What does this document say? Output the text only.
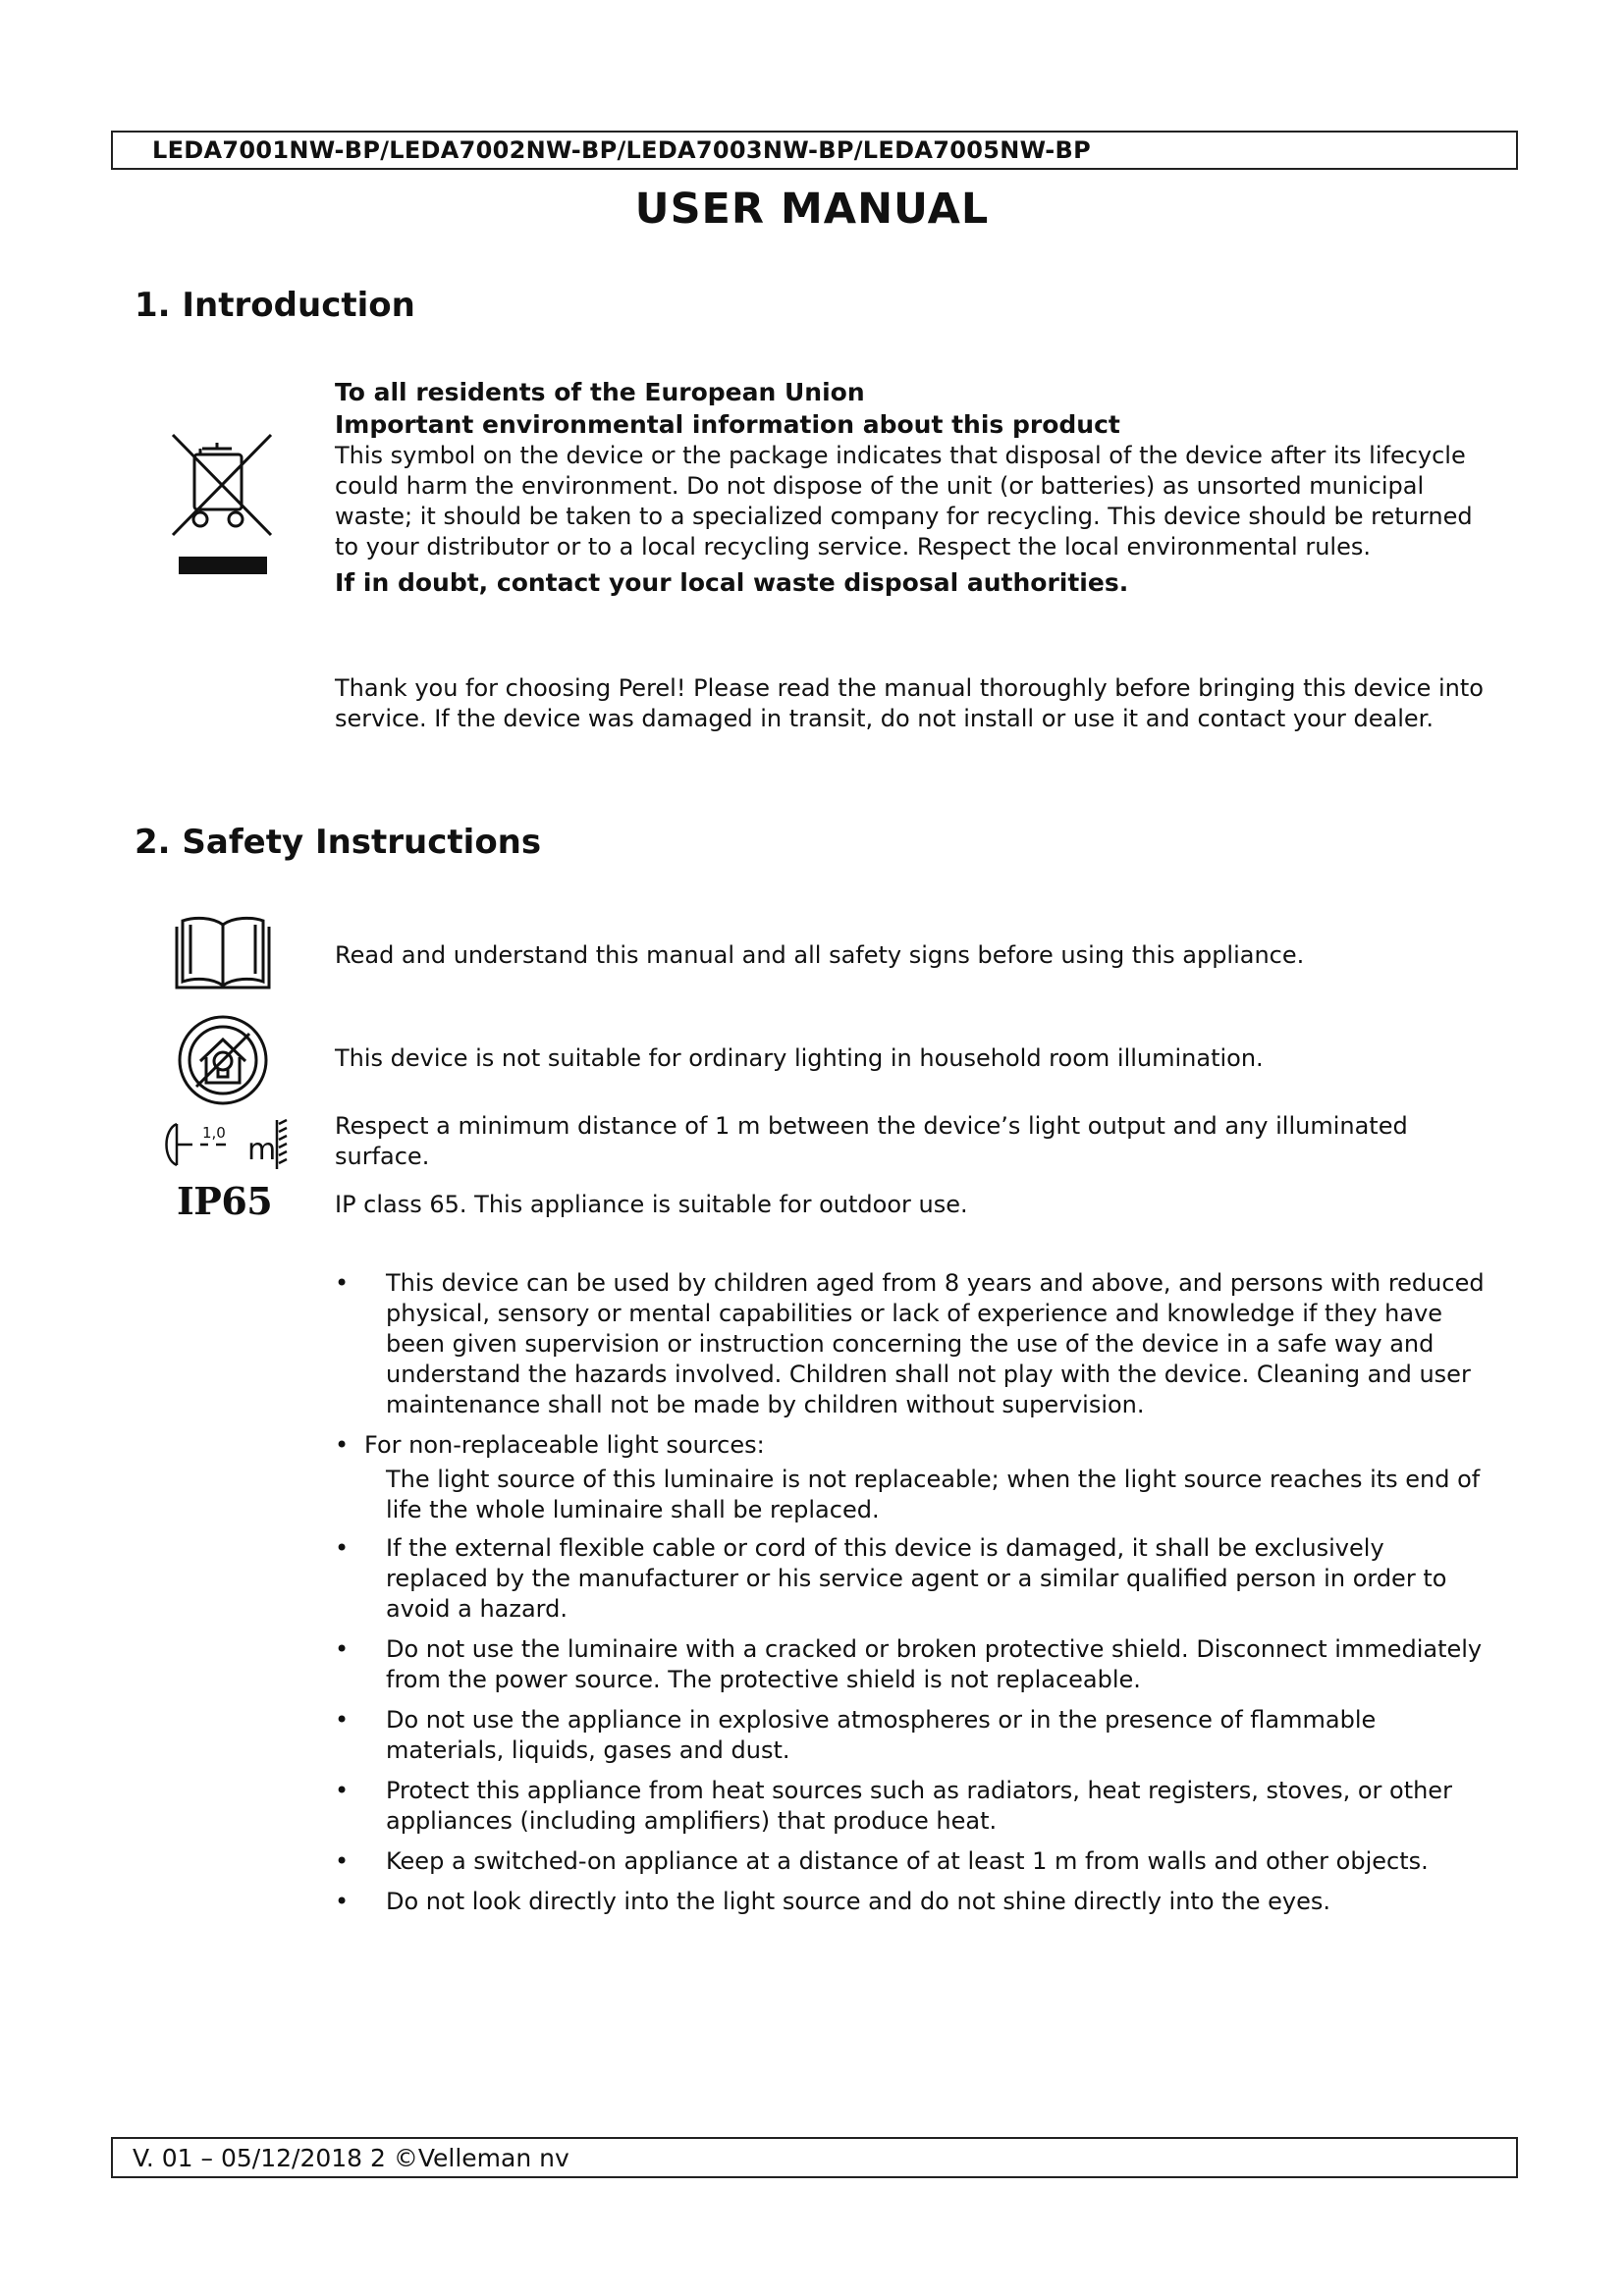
LEDA7001NW-BP/LEDA7002NW-BP/LEDA7003NW-BP/LEDA7005NW-BP
USER MANUAL
1. Introduction

To all residents of the European Union

Important environmental information about this product

This symbol on the device or the package indicates that disposal of the device after its lifecycle could harm the environment. Do not dispose of the unit (or batteries) as unsorted municipal waste; it should be taken to a specialized company for recycling. This device should be returned to your distributor or to a local recycling service. Respect the local environmental rules.

If in doubt, contact your local waste disposal authorities.

Thank you for choosing Perel! Please read the manual thoroughly before bringing this device into service. If the device was damaged in transit, do not install or use it and contact your dealer.

2. Safety Instructions
Read and understand this manual and all safety signs before using this appliance.
This device is not suitable for ordinary lighting in household room illumination.
1,0 m
Respect a minimum distance of 1 m between the device’s light output and any illuminated surface.
IP65	IP class 65. This appliance is suitable for outdoor use.
• This device can be used by children aged from 8 years and above, and persons with reduced physical, sensory or mental capabilities or lack of experience and knowledge if they have been given supervision or instruction concerning the use of the device in a safe way and understand the hazards involved. Children shall not play with the device. Cleaning and user maintenance shall not be made by children without supervision.
• For non-replaceable light sources:

The light source of this luminaire is not replaceable; when the light source reaches its end of life the whole luminaire shall be replaced.

• If the external flexible cable or cord of this device is damaged, it shall be exclusively replaced by the manufacturer or his service agent or a similar qualified person in order to avoid a hazard.
• Do not use the luminaire with a cracked or broken protective shield. Disconnect immediately from the power source. The protective shield is not replaceable.
• Do not use the appliance in explosive atmospheres or in the presence of flammable materials, liquids, gases and dust.
• Protect this appliance from heat sources such as radiators, heat registers, stoves, or other appliances (including amplifiers) that produce heat.
• Keep a switched-on appliance at a distance of at least 1 m from walls and other objects.
• Do not look directly into the light source and do not shine directly into the eyes.
V. 01 – 05/12/2018 2 ©Velleman nv
